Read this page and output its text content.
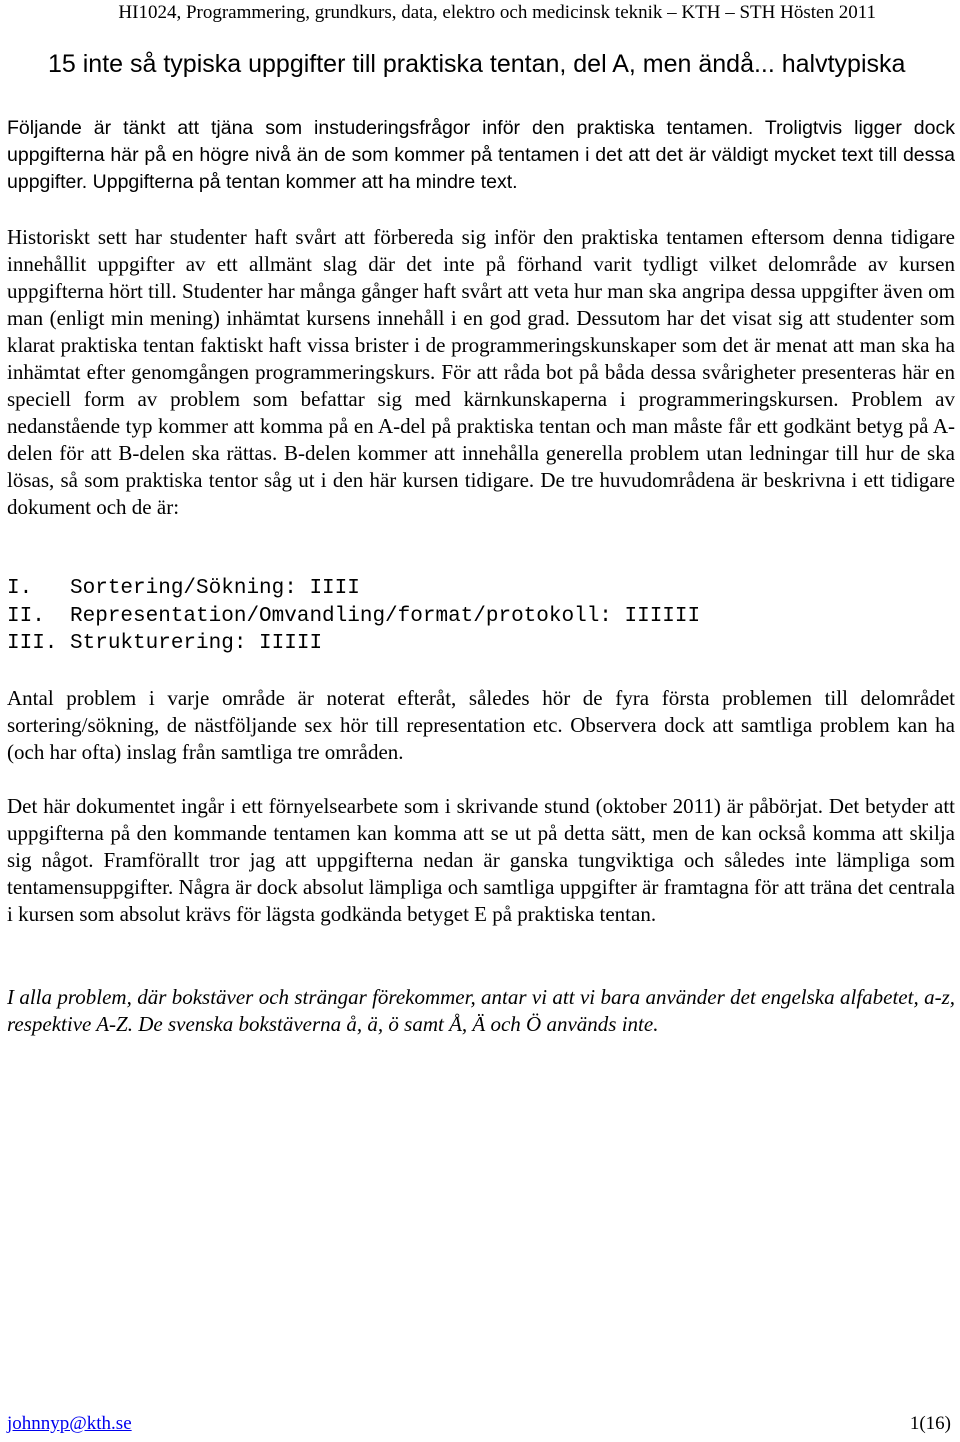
HI1024, Programmering, grundkurs, data, elektro och medicinsk teknik – KTH – STH Hösten 2011
15 inte så typiska uppgifter till praktiska tentan, del A, men ändå... halvtypiska

Följande är tänkt att tjäna som instuderingsfrågor inför den praktiska tentamen. Troligtvis ligger dock uppgifterna här på en högre nivå än de som kommer på tentamen i det att det är väldigt mycket text till dessa uppgifter. Uppgifterna på tentan kommer att ha mindre text.

Historiskt sett har studenter haft svårt att förbereda sig inför den praktiska tentamen eftersom denna tidigare innehållit uppgifter av ett allmänt slag där det inte på förhand varit tydligt vilket delområde av kursen uppgifterna hört till. Studenter har många gånger haft svårt att veta hur man ska angripa dessa uppgifter även om man (enligt min mening) inhämtat kursens innehåll i en god grad. Dessutom har det visat sig att studenter som klarat praktiska tentan faktiskt haft vissa brister i de programmeringskunskaper som det är menat att man ska ha inhämtat efter genomgången programmeringskurs. För att råda bot på båda dessa svårigheter presenteras här en speciell form av problem som befattar sig med kärnkunskaperna i programmeringskursen. Problem av nedanstående typ kommer att komma på en A-del på praktiska tentan och man måste får ett godkänt betyg på A-delen för att B-delen ska rättas. B-delen kommer att innehålla generella problem utan ledningar till hur de ska lösas, så som praktiska tentor såg ut i den här kursen tidigare. De tre huvudområdena är beskrivna i ett tidigare dokument och de är:

I.   Sortering/Sökning: IIII
II.  Representation/Omvandling/format/protokoll: IIIIII
III. Strukturering: IIIII

Antal problem i varje område är noterat efteråt, således hör de fyra första problemen till delområdet sortering/sökning, de nästföljande sex hör till representation etc. Observera dock att samtliga problem kan ha (och har ofta) inslag från samtliga tre områden.

Det här dokumentet ingår i ett förnyelsearbete som i skrivande stund (oktober 2011) är påbörjat. Det betyder att uppgifterna på den kommande tentamen kan komma att se ut på detta sätt, men de kan också komma att skilja sig något. Framförallt tror jag att uppgifterna nedan är ganska tungviktiga och således inte lämpliga som tentamensuppgifter. Några är dock absolut lämpliga och samtliga uppgifter är framtagna för att träna det centrala i kursen som absolut krävs för lägsta godkända betyget E på praktiska tentan.

I alla problem, där bokstäver och strängar förekommer, antar vi att vi bara använder det engelska alfabetet, a-z, respektive A-Z. De svenska bokstäverna å, ä, ö samt Å, Ä och Ö används inte.

johnnyp@kth.se	1(16)
